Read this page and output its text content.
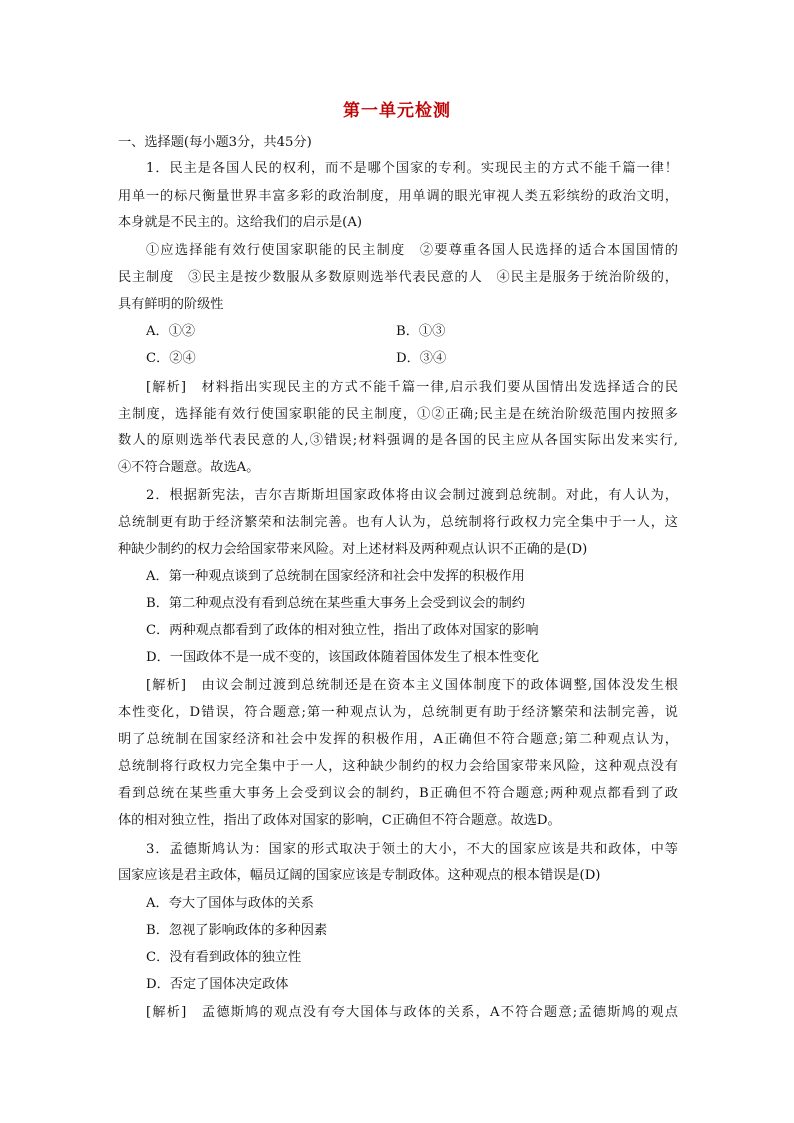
第一单元检测
一、选择题(每小题3分，共45分)
1．民主是各国人民的权利，而不是哪个国家的专利。实现民主的方式不能千篇一律！
用单一的标尺衡量世界丰富多彩的政治制度，用单调的眼光审视人类五彩缤纷的政治文明，
本身就是不民主的。这给我们的启示是(A)
①应选择能有效行使国家职能的民主制度　②要尊重各国人民选择的适合本国国情的
民主制度　③民主是按少数服从多数原则选举代表民意的人　④民主是服务于统治阶级的，
具有鲜明的阶级性
A．①②	B．①③
C．②④	D．③④
[解析]　材料指出实现民主的方式不能千篇一律,启示我们要从国情出发选择适合的民
主制度，选择能有效行使国家职能的民主制度，①②正确;民主是在统治阶级范围内按照多
数人的原则选举代表民意的人,③错误;材料强调的是各国的民主应从各国实际出发来实行,
④不符合题意。故选A。
2．根据新宪法，吉尔吉斯斯坦国家政体将由议会制过渡到总统制。对此，有人认为，
总统制更有助于经济繁荣和法制完善。也有人认为，总统制将行政权力完全集中于一人，这
种缺少制约的权力会给国家带来风险。对上述材料及两种观点认识不正确的是(D)
A．第一种观点谈到了总统制在国家经济和社会中发挥的积极作用
B．第二种观点没有看到总统在某些重大事务上会受到议会的制约
C．两种观点都看到了政体的相对独立性，指出了政体对国家的影响
D．一国政体不是一成不变的，该国政体随着国体发生了根本性变化
[解析]　由议会制过渡到总统制还是在资本主义国体制度下的政体调整,国体没发生根
本性变化，D错误，符合题意;第一种观点认为，总统制更有助于经济繁荣和法制完善，说
明了总统制在国家经济和社会中发挥的积极作用，A正确但不符合题意;第二种观点认为，
总统制将行政权力完全集中于一人，这种缺少制约的权力会给国家带来风险，这种观点没有
看到总统在某些重大事务上会受到议会的制约，B正确但不符合题意;两种观点都看到了政
体的相对独立性，指出了政体对国家的影响，C正确但不符合题意。故选D。
3．孟德斯鸠认为：国家的形式取决于领土的大小，不大的国家应该是共和政体，中等
国家应该是君主政体，幅员辽阔的国家应该是专制政体。这种观点的根本错误是(D)
A．夸大了国体与政体的关系
B．忽视了影响政体的多种因素
C．没有看到政体的独立性
D．否定了国体决定政体
[解析]　孟德斯鸠的观点没有夸大国体与政体的关系，A不符合题意;孟德斯鸠的观点
